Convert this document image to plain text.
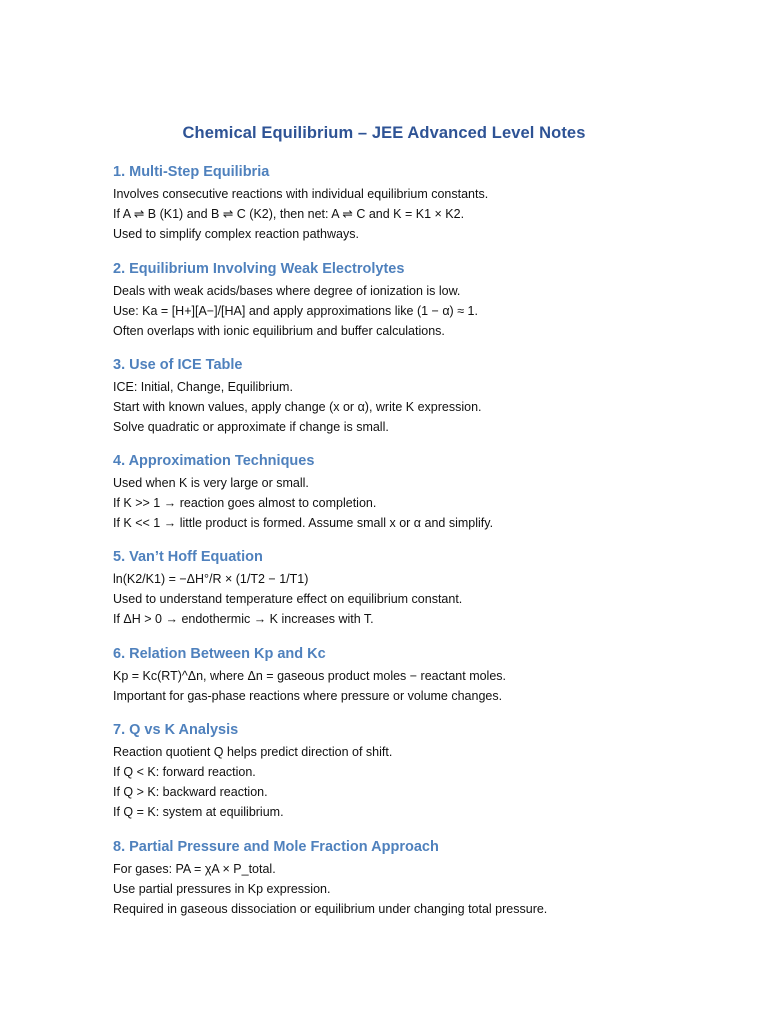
Chemical Equilibrium – JEE Advanced Level Notes
1. Multi-Step Equilibria

Involves consecutive reactions with individual equilibrium constants.

If A ⇌ B (K1) and B ⇌ C (K2), then net: A ⇌ C and K = K1 × K2.

Used to simplify complex reaction pathways.

2. Equilibrium Involving Weak Electrolytes

Deals with weak acids/bases where degree of ionization is low.

Use: Ka = [H+][A−]/[HA] and apply approximations like (1 − α) ≈ 1.

Often overlaps with ionic equilibrium and buffer calculations.

3. Use of ICE Table

ICE: Initial, Change, Equilibrium.

Start with known values, apply change (x or α), write K expression.

Solve quadratic or approximate if change is small.

4. Approximation Techniques

Used when K is very large or small.

If K >> 1 → reaction goes almost to completion.

If K << 1 → little product is formed. Assume small x or α and simplify.

5. Van’t Hoff Equation

ln(K2/K1) = −ΔH°/R × (1/T2 − 1/T1)

Used to understand temperature effect on equilibrium constant.

If ΔH > 0 → endothermic → K increases with T.

6. Relation Between Kp and Kc

Kp = Kc(RT)^Δn, where Δn = gaseous product moles − reactant moles.

Important for gas-phase reactions where pressure or volume changes.

7. Q vs K Analysis

Reaction quotient Q helps predict direction of shift.

If Q < K: forward reaction.

If Q > K: backward reaction.

If Q = K: system at equilibrium.

8. Partial Pressure and Mole Fraction Approach

For gases: PA = χA × P_total.

Use partial pressures in Kp expression.

Required in gaseous dissociation or equilibrium under changing total pressure.
